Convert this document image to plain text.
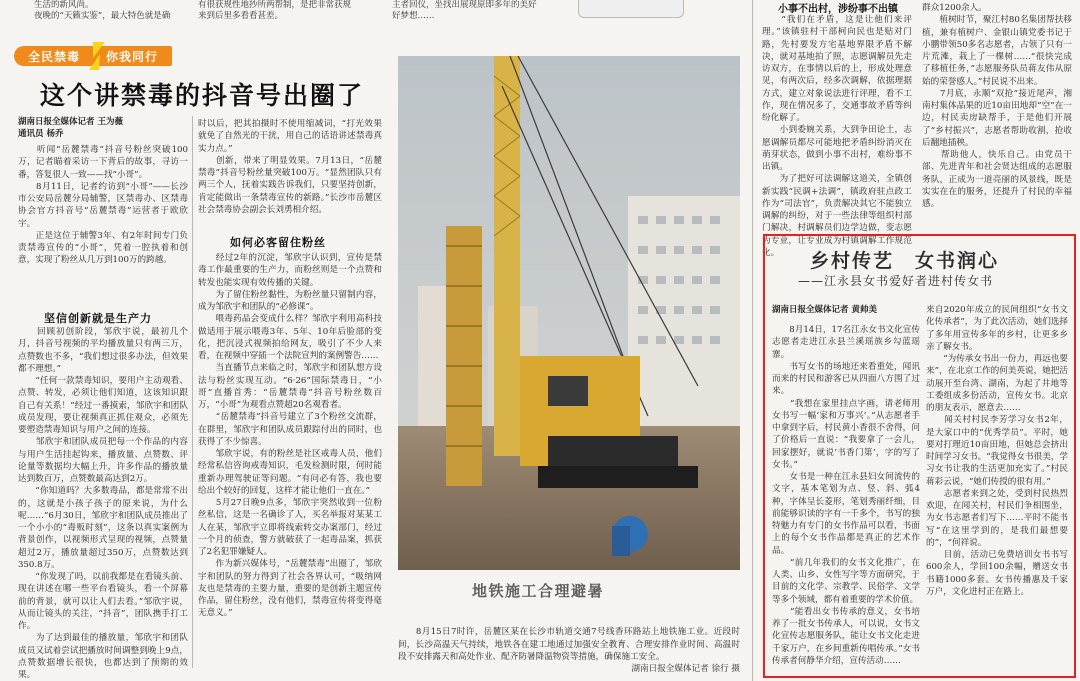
生活的新风尚。
夜晚的“天籁实鉴”，最大特色就是确
有很获规性地抄所两帮制，是把非常获规
来到后里多看看甚差。
主者回仪，坐找出展现原即多年的美好
好梦想……
小事不出村，涉纷事不出镇
全民禁毒 你我同行
这个讲禁毒的抖音号出圈了
湖南日报全媒体记者 王为薇
通讯员 杨乔
　　听闻“岳麓禁毒”抖音号粉丝突破100万，记者瞄着采访一下背后的故事，寻访一番，答复很人一致——找“小哥”。
　　8月11日，记者约访到“小哥”——长沙市公安局岳麓分局辅警，区禁毒办、区禁毒协会官方抖音号“岳麓禁毒”运营者于欧欣宇。
　　正是这位于辅警3年、有2年时间专门负责禁毒宣传的“小哥”，凭着一腔执着和创意，实现了粉丝从几万到100万的跨越。
坚信创新就是生产力
　　回顾初创阶段，邹欣宇说，最初几个月，抖音号视频的平均播放量只有两三万，点赞数也不多，“我们想过很多办法，但效果都不理想。”
　　“任何一款禁毒知识，要用户主动观看、点赞、转发，必须让他们知道，这该知识跟自己有关系！”经过一番摸索，邹欣宇和团队成员发现，要让视频真正抓住观众，必须先要塑造禁毒知识与用户之间的连接。
　　邹欣宇和团队成员把每一个作品的内容与用户生活挂起钩来，播放量、点赞数、评论量等数据均大幅上升，许多作品的播放量达到数百万，点赞数最高达到2万。
　　“你知道吗？大多数毒品，都是常常不出的，这就是小孩子孩子的原来说，为什么呢……”6月30日，邹欣宇和团队成员推出了一个小小的“毒贩时刻”，这条以真实案例为背景创作，以视频形式呈现的视频，点赞量超过2万，播放量超过350万，点赞数达到350.8万。
　　“你发现了吗，以前我都是在看镜头前、现在讲述在哪一些平台看镜头，看一个屏幕前的背景，就可以让人们去看。”邹欣宇说，从而让镜头的关注，“抖音”，团队携手打工作。
　　为了达到最佳的播放量，邹欣宇和团队成员又试着尝试把播放时间调整到晚上9点，点赞数据增长很快，也都达到了预期的效果。
时以后，把其拍摄时不使用缩减词，“打光效果就免了自然光的干扰，用自己的话语讲述禁毒真实力点。”
　　创新，带来了明显效果。7月13日，“岳麓禁毒”抖音号粉丝量突破100万。“显然团队只有两三个人，抚着实践告诉我们，只要坚持创新，肯定能做出一条禁毒宣传的新路。”长沙市岳麓区社会禁毒协会副会长刘勇相介绍。
如何必客留住粉丝
　　经过2年的沉淀，邹欣宇认识到，宣传是禁毒工作最重要的生产力，而粉丝则是一个点赞和转发也能实现有效传播的关键。
　　为了留住粉丝黏性，为粉丝量只留制内容，成为邹欣宇和团队的“必修课”。
　　喂毒药品会变成什么样？邹欣宇利用高科技做适用于展示喂毒3年、5年、10年后脸部的变化，把沉浸式视频拍给网友，吸引了不少人来看，在视频中穿插一个法院宣判的案例警告……
　　当直播节点来临之时，邹欣宇和团队想方设法与粉丝实现互动。“6·26”国际禁毒日，“小哥”直播首秀：“岳麓禁毒”抖音号粉丝数百万，“小哥”为观看点赞超20名观看者。
　　“岳麓禁毒”抖音号建立了3个粉丝交流群，在群里，邹欣宇和团队成员跟踪付出的同时，也获得了不少惊喜。
　　邹欣宇说，有的粉丝是社区戒毒人员，他们经常私信咨询戒毒知识，毛发检测时限，何时能重新办理驾驶证等问题。“有问必有答，我也要给出个较好的回复，这样才能让他们一直在。”
　　5月27日晚9点多，邹欣宇突然收到一位粉丝私信，这是一名确诊了人，买名举报对某某工人在某，邹欣宇立即将线索转交办案部门，经过一个月的侦查，警方就破获了一起毒品案，抓获了2名犯罪嫌疑人。
　　作为新兴媒体号，“岳麓禁毒”出圈了，邹欣宇和团队的努力得到了社会各界认可，“吸纳网友也是禁毒的主要力量，重要的是创新主题宣传作品，留住粉丝，没有他们，禁毒宣传将变得毫无意义。”
地铁施工合理避暑

　　8月15日7时许，岳麓区某在长沙市轨道交通7号线香环路站上地铁施工业。近段时间，长沙高温天气持续，地铁各在建工地通过加强安全教育、合理安排作业时间、高温时段不安排露天和高处作业、配齐防暑降温物资等措施，确保施工安全。

湖南日报全媒体记者 徐行 摄

　　“我们在矛盾，这是让他们来评理。”该镇驻村干部柯向民也是贴对门路，先村要发方宅基地界限矛盾不解决，就对基地拍了照，志愿调解员先走访双方，在事情以后的上，形成处理意见，有两次后，经多次调解，依据理据方式，建立对象说法进行评理，看不工作，现在情况多了，交通事故矛盾等纠纷化解了。
　　小到委婉关系，大到争田论土，志愿调解员都尽可能地把矛盾纠纷消灭在萌芽状态，做到小事不出村，难纷事不出镇。
　　为了把好可法调解这道关，全镇创新实践“民调+法调”，镇政府驻点政工作为“司法官”，负责解决其它不能独立调解的纠纷，对于一些法律等组织村部门解决，村调解员们边学边做，变志愿为专业，让专业成为村镇调解工作规范化。
群众1200余人。
　　植树时节，聚江村80名集团帮扶移植，兼有植树户、金银山镇党委书记于小鹏带领50多名志愿者，占领了只有一片荒滩，栽上了一棵树……“很快完成了移植任务，”志愿服务队员蒋友伟从原始的荣誉感人。”村民说不出来。
　　7月底，永顺“双抢”接近尾声，湘南村集体品果的近10亩田地却“空”在一边，村民卖房缺帮手，于是他们开展了“乡村振兴”，志愿者帮助收割，抢收后翻地插秧。
　　帮助他人，快乐自己。由党员干部、先进青年和社会贤达组成的志愿服务队，正成为一道亮丽的风景线，既是实实在在的服务，还提升了村民的幸福感。
乡村传艺　女书润心
——江永县女书爱好者进村传女书
湖南日报全媒体记者 黄帅美
　　8月14日，17名江永女书文化宣传志愿者走进江永县兰溪瑶族乡勾蓝瑶寨。
　　书写女书的场地还来看重处，闻讯而来的村民和游客已从四面八方围了过来。
　　“我想在家里挂点字画，请老师用女书写一幅‘家和万事兴’。”从志愿者手中拿到字后，村民黄小香很不舍得，问了价格后一直说：“我要拿了一会儿，回家摆好，就说‘书香门第’，字的写了女书。”
　　女书是一种在江永县妇女间流传的文字，基本笔划为点、竖、斜、弧4种，字体呈长菱形，笔划秀丽纤细，目前能够识读的字有一千多个，书写的独特魅力有专门的女书作品可以看，书面上的每个女书作品都是真正的艺术作品。
　　“前几年我们的女书文化推广，在人类、山乡、女性写字等方面研究，于目前的文化学、宗教学、民俗学、文学等多个领域，都有着重要的学术价值。
　　“能看出女书传承的意义，女书培养了一批女书传承人，可以说，女书文化宣传志愿服务队，能让女书文化走进千家万户，在乡间重新传唱传承。”女书传承者何静华介绍，宣传活动……
来自2020年成立的民间组织“女书文化传承者”，为了此次活动，她们选择了多年用宣传多年的乡村，让更多乡亲了解女书。
　　“为传承女书出一份力，再远也要来”，在北京工作的何美英说，她把活动展开至台湾、湖南，为起了井地等工委组成多份活动，宣传女书。北京的朋友表示，愿意去……
　　闻关村村民李芳学习女书2年，是大家口中的“优秀学员”。平时，她要对打理近10亩田地，但她总会挤出时间学习女书。“我觉得女书很美，学习女书让我的生活更加充实了。”村民蒋彩云说，“她们传授的很有用。”
　　志愿者来到之处，受到村民热烈欢迎，在闻关村，村民们争相围坐，为女书志愿者们写下……平时不能书写“在这里学到的，是我们最想要的”，“何祥说。
　　目前，活动已免费培训女书书写600余人，学回100余幅，赠送女书书籍1000多套。女书传播惠及千家万户，文化进村正在路上。
